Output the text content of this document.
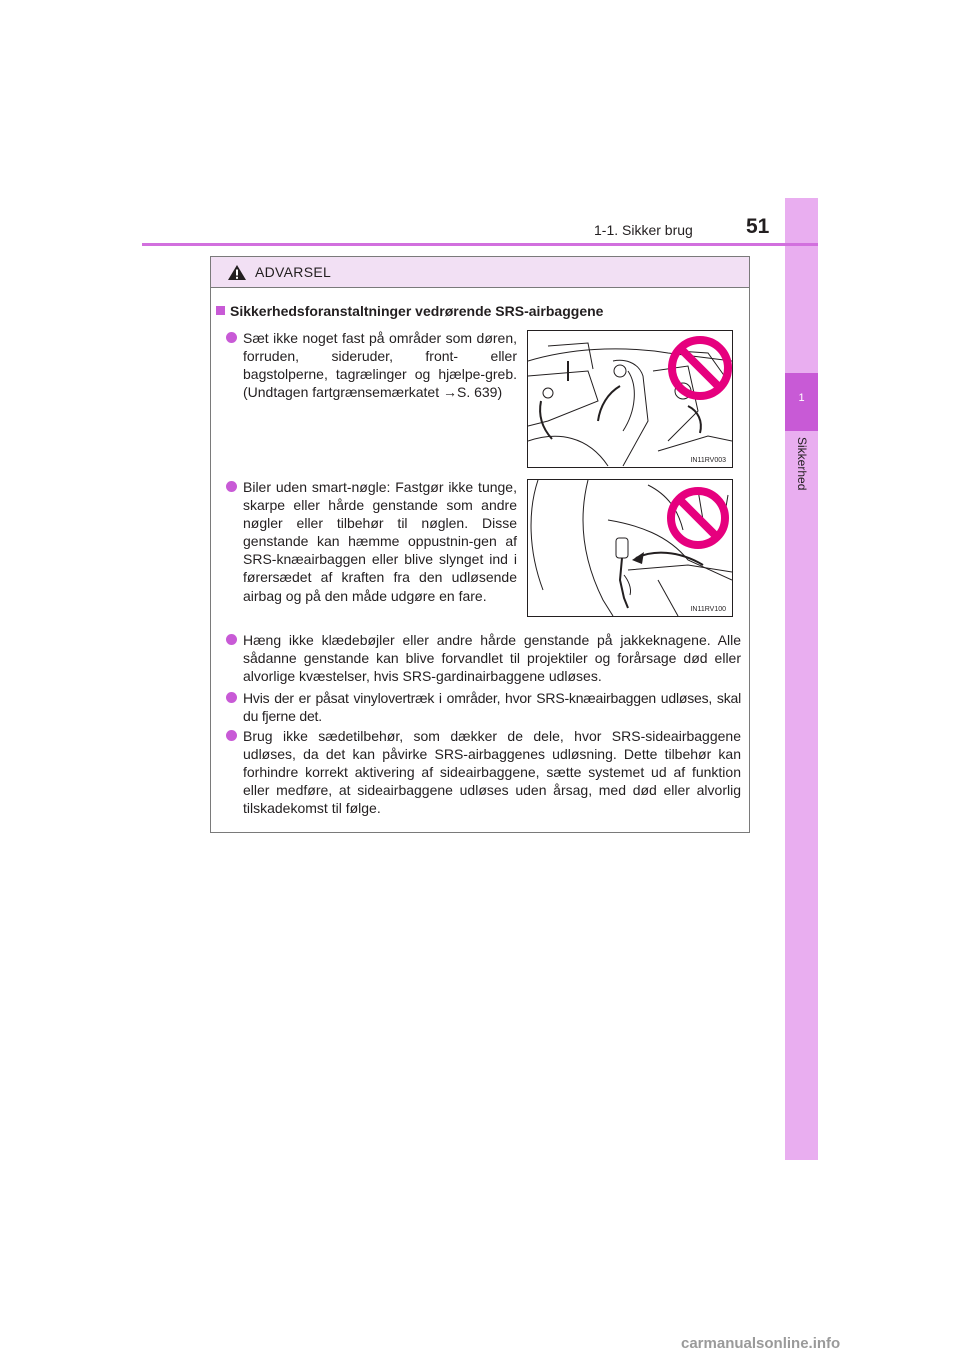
1
Sikkerhed
1-1. Sikker brug	51
ADVARSEL
Sikkerhedsforanstaltninger vedrørende SRS-airbaggene
Sæt ikke noget fast på områder som døren, forruden, sideruder, front- eller bagstolperne, tagrælinger og hjælpe-greb. (Undtagen fartgrænsemærkatet →S. 639)
IN11RV003
Biler uden smart-nøgle: Fastgør ikke tunge, skarpe eller hårde genstande som andre nøgler eller tilbehør til nøglen. Disse genstande kan hæmme oppustnin-gen af SRS-knæairbaggen eller blive slynget ind i førersædet af kraften fra den udløsende airbag og på den måde udgøre en fare.
IN11RV100
Hæng ikke klædebøjler eller andre hårde genstande på jakkeknagene. Alle sådanne genstande kan blive forvandlet til projektiler og forårsage død eller alvorlige kvæstelser, hvis SRS-gardinairbaggene udløses.
Hvis der er påsat vinylovertræk i områder, hvor SRS-knæairbaggen udløses, skal du fjerne det.
Brug ikke sædetilbehør, som dækker de dele, hvor SRS-sideairbaggene udløses, da det kan påvirke SRS-airbaggenes udløsning. Dette tilbehør kan forhindre korrekt aktivering af sideairbaggene, sætte systemet ud af funktion eller medføre, at sideairbaggene udløses uden årsag, med død eller alvorlig tilskadekomst til følge.
carmanualsonline.info
